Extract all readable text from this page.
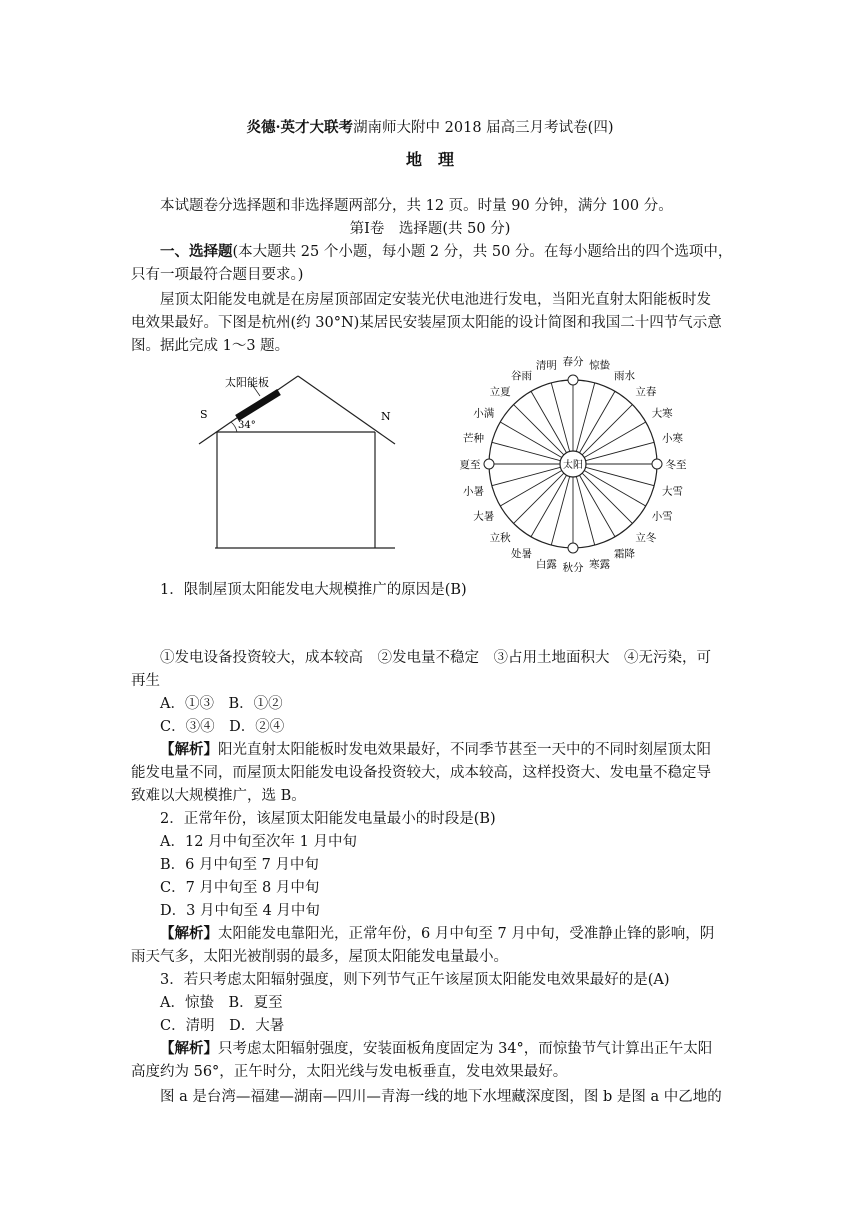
炎德·英才大联考湖南师大附中 2018 届高三月考试卷(四)
地　理
本试题卷分选择题和非选择题两部分，共 12 页。时量 90 分钟，满分 100 分。
第Ⅰ卷　选择题(共 50 分)
一、选择题(本大题共 25 个小题，每小题 2 分，共 50 分。在每小题给出的四个选项中，
只有一项最符合题目要求。)
屋顶太阳能发电就是在房屋顶部固定安装光伏电池进行发电，当阳光直射太阳能板时发
电效果最好。下图是杭州(约 30°N)某居民安装屋顶太阳能的设计简图和我国二十四节气示意
图。据此完成 1～3 题。
太阳能板
34°
S	N
春分 惊蛰
雨水
立春
大寒
小寒
冬至
大雪
小雪
立冬
霜降
寒露
秋分
白露
处暑
立秋
大暑
小暑
夏至
芒种
小满
立夏
谷雨
清明
太阳
1．限制屋顶太阳能发电大规模推广的原因是(B)
①发电设备投资较大，成本较高　②发电量不稳定　③占用土地面积大　④无污染，可
再生
A．①③　B．①②
C．③④　D．②④
【解析】阳光直射太阳能板时发电效果最好，不同季节甚至一天中的不同时刻屋顶太阳
能发电量不同，而屋顶太阳能发电设备投资较大，成本较高，这样投资大、发电量不稳定导
致难以大规模推广，选 B。
2．正常年份，该屋顶太阳能发电量最小的时段是(B)
A．12 月中旬至次年 1 月中旬
B．6 月中旬至 7 月中旬
C．7 月中旬至 8 月中旬
D．3 月中旬至 4 月中旬
【解析】太阳能发电靠阳光，正常年份，6 月中旬至 7 月中旬，受准静止锋的影响，阴
雨天气多，太阳光被削弱的最多，屋顶太阳能发电量最小。
3．若只考虑太阳辐射强度，则下列节气正午该屋顶太阳能发电效果最好的是(A)
A．惊蛰　B．夏至
C．清明　D．大暑
【解析】只考虑太阳辐射强度，安装面板角度固定为 34°，而惊蛰节气计算出正午太阳
高度约为 56°，正午时分，太阳光线与发电板垂直，发电效果最好。
图 a 是台湾—福建—湖南—四川—青海一线的地下水埋藏深度图，图 b 是图 a 中乙地的
